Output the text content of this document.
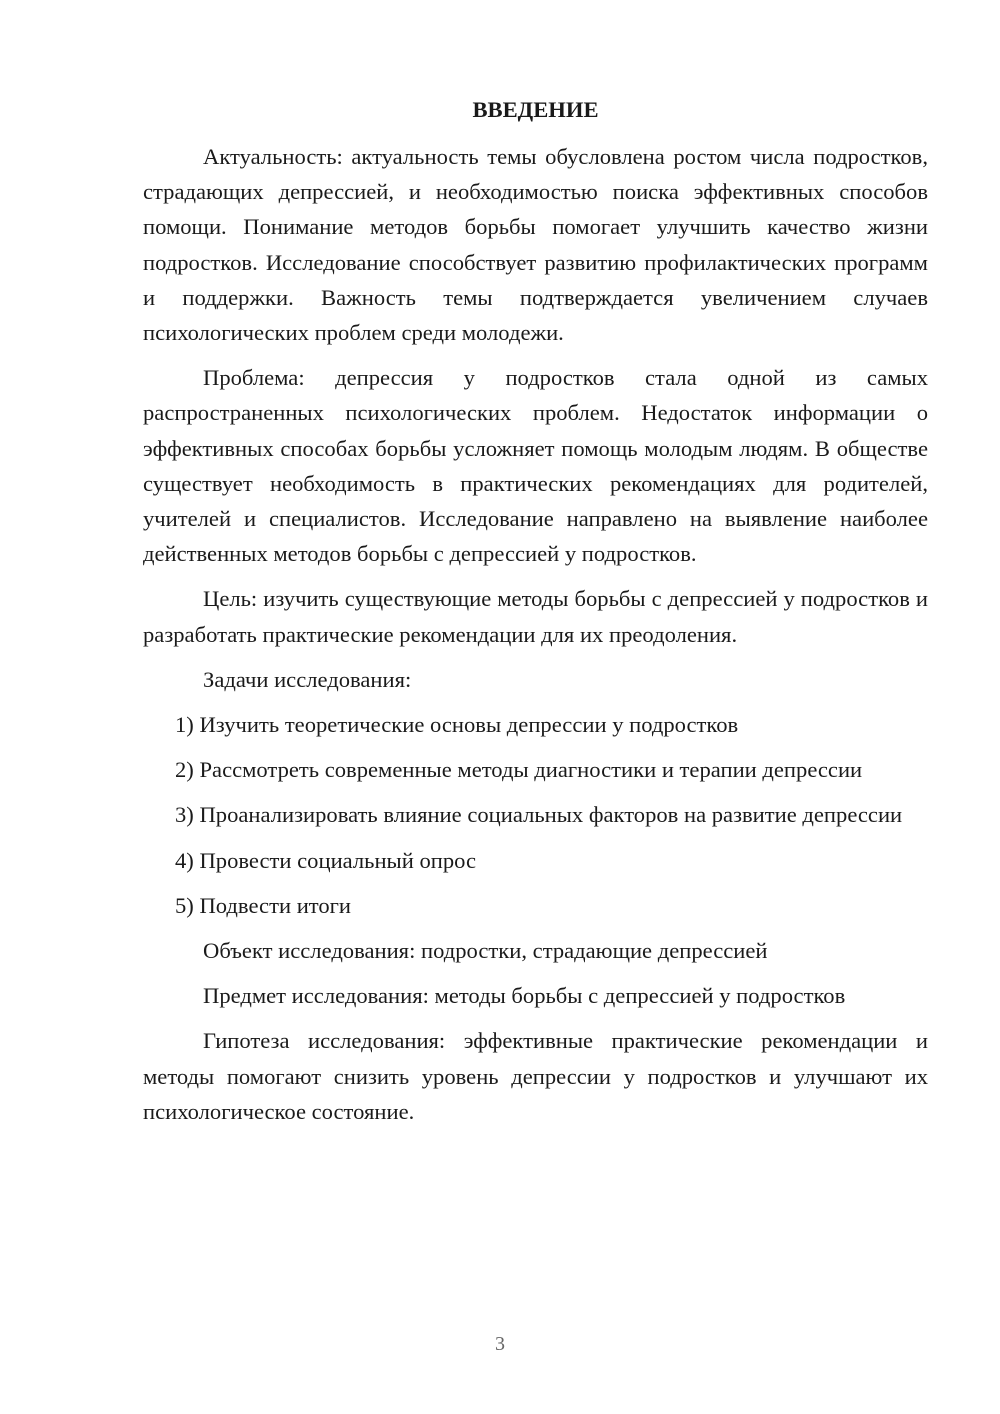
ВВЕДЕНИЕ

Актуальность: актуальность темы обусловлена ростом числа подростков, страдающих депрессией, и необходимостью поиска эффективных способов помощи. Понимание методов борьбы помогает улучшить качество жизни подростков. Исследование способствует развитию профилактических программ и поддержки. Важность темы подтверждается увеличением случаев психологических проблем среди молодежи.

Проблема: депрессия у подростков стала одной из самых распространенных психологических проблем. Недостаток информации о эффективных способах борьбы усложняет помощь молодым людям. В обществе существует необходимость в практических рекомендациях для родителей, учителей и специалистов. Исследование направлено на выявление наиболее действенных методов борьбы с депрессией у подростков.

Цель: изучить существующие методы борьбы с депрессией у подростков и разработать практические рекомендации для их преодоления.

Задачи исследования:

1) Изучить теоретические основы депрессии у подростков

2) Рассмотреть современные методы диагностики и терапии депрессии

3) Проанализировать влияние социальных факторов на развитие депрессии

4) Провести социальный опрос

5) Подвести итоги

Объект исследования: подростки, страдающие депрессией

Предмет исследования: методы борьбы с депрессией у подростков

Гипотеза исследования: эффективные практические рекомендации и методы помогают снизить уровень депрессии у подростков и улучшают их психологическое состояние.

3
